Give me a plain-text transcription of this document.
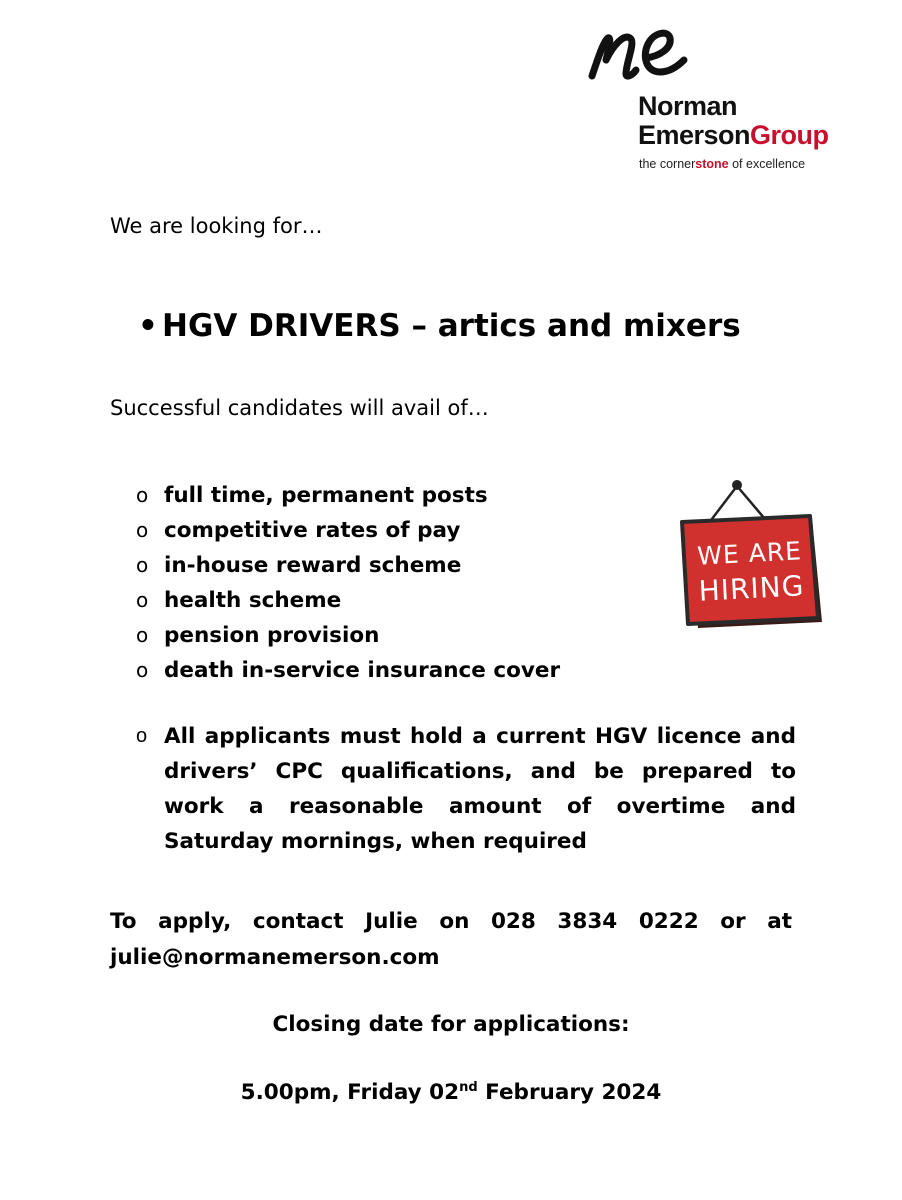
Norman
EmersonGroup
the cornerstone of excellence
We are looking for…
• HGV DRIVERS – artics and mixers
Successful candidates will avail of…
o full time, permanent posts
o competitive rates of pay
o in-house reward scheme
o health scheme
o pension provision
o death in-service insurance cover
WE ARE
HIRING
o All applicants must hold a current HGV licence and drivers’ CPC qualifications, and be prepared to work a reasonable amount of overtime and Saturday mornings, when required
To apply, contact Julie on 028 3834 0222 or at julie@normanemerson.com
Closing date for applications:
5.00pm, Friday 02nd February 2024
